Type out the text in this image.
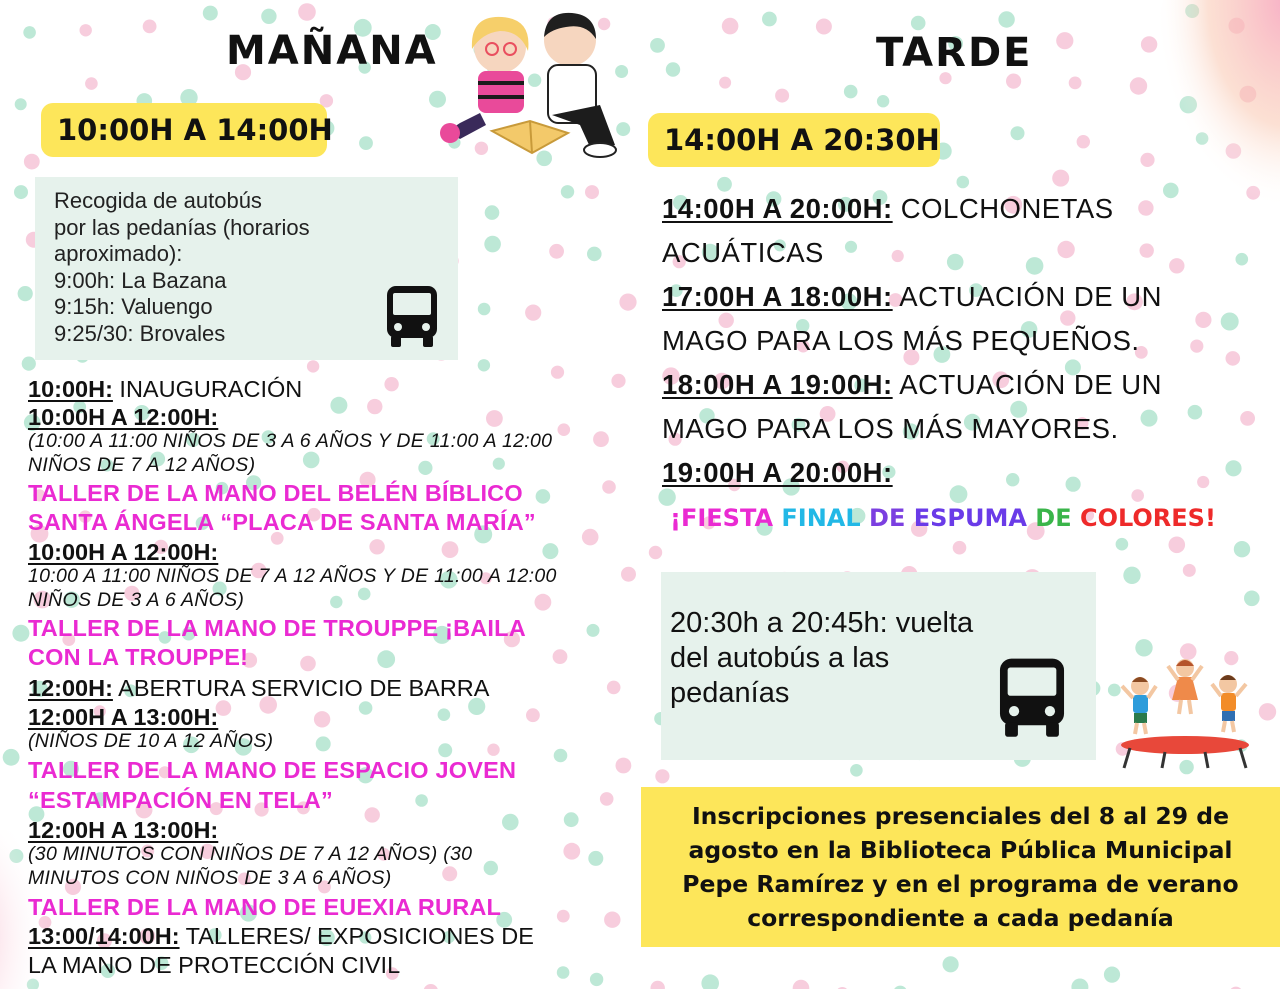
MAÑANA
10:00H A 14:00H
Recogida de autobús
por las pedanías (horarios
aproximado):
9:00h: La Bazana
9:15h: Valuengo
9:25/30: Brovales
10:00H: INAUGURACIÓN
10:00H A 12:00H:
(10:00 A 11:00 NIÑOS DE 3 A 6 AÑOS Y DE 11:00 A 12:00
NIÑOS DE 7 A 12 AÑOS)
TALLER DE LA MANO DEL BELÉN BÍBLICO
SANTA ÁNGELA “PLACA DE SANTA MARÍA”
10:00H A 12:00H:
10:00 A 11:00 NIÑOS DE 7 A 12 AÑOS Y DE 11:00 A 12:00
NIÑOS DE 3 A 6 AÑOS)
TALLER DE LA MANO DE TROUPPE ¡BAILA
CON LA TROUPPE!
12:00H: ABERTURA SERVICIO DE BARRA
12:00H A 13:00H:
(NIÑOS DE 10 A 12 AÑOS)
TALLER DE LA MANO DE ESPACIO JOVEN
“ESTAMPACIÓN EN TELA”
12:00H A 13:00H:
(30 MINUTOS CON NIÑOS DE 7 A 12 AÑOS) (30
MINUTOS CON NIÑOS DE 3 A 6 AÑOS)
TALLER DE LA MANO DE EUEXIA RURAL
13:00/14:00H: TALLERES/ EXPOSICIONES DE
LA MANO DE PROTECCIÓN CIVIL
TARDE
14:00H A 20:30H
14:00H A 20:00H: COLCHONETAS
ACUÁTICAS
17:00H A 18:00H: ACTUACIÓN DE UN
MAGO PARA LOS MÁS PEQUEÑOS.
18:00H A 19:00H: ACTUACIÓN DE UN
MAGO PARA LOS MÁS MAYORES.
19:00H A 20:00H:
¡FIESTA FINAL DE ESPUMA DE COLORES!
20:30h a 20:45h: vuelta
del autobús a las
pedanías
Inscripciones presenciales del 8 al 29 de
agosto en la Biblioteca Pública Municipal
Pepe Ramírez y en el programa de verano
correspondiente a cada pedanía
